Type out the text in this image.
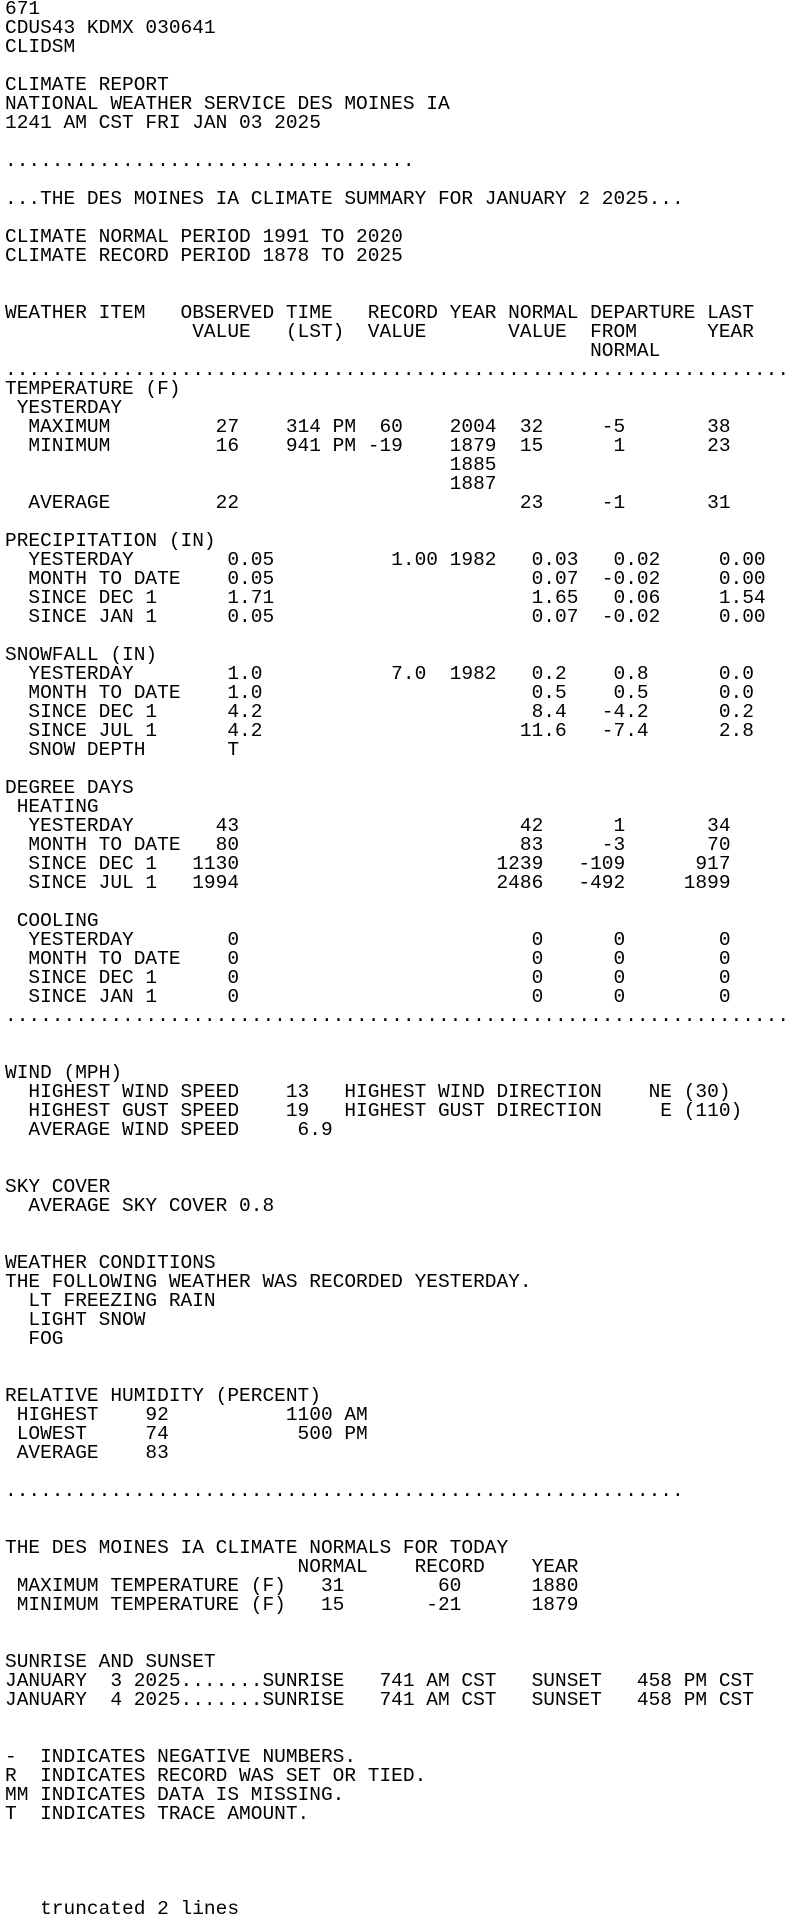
671
CDUS43 KDMX 030641
CLIDSM
CLIMATE REPORT
NATIONAL WEATHER SERVICE DES MOINES IA
1241 AM CST FRI JAN 03 2025
...................................
...THE DES MOINES IA CLIMATE SUMMARY FOR JANUARY 2 2025...
CLIMATE NORMAL PERIOD 1991 TO 2020
CLIMATE RECORD PERIOD 1878 TO 2025
WEATHER ITEM   OBSERVED TIME   RECORD YEAR NORMAL DEPARTURE LAST
VALUE   (LST)  VALUE       VALUE  FROM      YEAR
NORMAL
...................................................................
TEMPERATURE (F)
YESTERDAY
MAXIMUM         27    314 PM  60    2004  32     -5       38
MINIMUM         16    941 PM -19    1879  15      1       23
1885
1887
AVERAGE         22                        23     -1       31
PRECIPITATION (IN)
YESTERDAY        0.05          1.00 1982   0.03   0.02     0.00
MONTH TO DATE    0.05                      0.07  -0.02     0.00
SINCE DEC 1      1.71                      1.65   0.06     1.54
SINCE JAN 1      0.05                      0.07  -0.02     0.00
SNOWFALL (IN)
YESTERDAY        1.0           7.0  1982   0.2    0.8      0.0
MONTH TO DATE    1.0                       0.5    0.5      0.0
SINCE DEC 1      4.2                       8.4   -4.2      0.2
SINCE JUL 1      4.2                      11.6   -7.4      2.8
SNOW DEPTH       T
DEGREE DAYS
HEATING
YESTERDAY       43                        42      1       34
MONTH TO DATE   80                        83     -3       70
SINCE DEC 1   1130                      1239   -109      917
SINCE JUL 1   1994                      2486   -492     1899
COOLING
YESTERDAY        0                         0      0        0
MONTH TO DATE    0                         0      0        0
SINCE DEC 1      0                         0      0        0
SINCE JAN 1      0                         0      0        0
...................................................................
WIND (MPH)
HIGHEST WIND SPEED    13   HIGHEST WIND DIRECTION    NE (30)
HIGHEST GUST SPEED    19   HIGHEST GUST DIRECTION     E (110)
AVERAGE WIND SPEED     6.9
SKY COVER
AVERAGE SKY COVER 0.8
WEATHER CONDITIONS
THE FOLLOWING WEATHER WAS RECORDED YESTERDAY.
LT FREEZING RAIN
LIGHT SNOW
FOG
RELATIVE HUMIDITY (PERCENT)
HIGHEST    92          1100 AM
LOWEST     74           500 PM
AVERAGE    83
..........................................................
THE DES MOINES IA CLIMATE NORMALS FOR TODAY
NORMAL    RECORD    YEAR
MAXIMUM TEMPERATURE (F)   31        60      1880
MINIMUM TEMPERATURE (F)   15       -21      1879
SUNRISE AND SUNSET
JANUARY  3 2025.......SUNRISE   741 AM CST   SUNSET   458 PM CST
JANUARY  4 2025.......SUNRISE   741 AM CST   SUNSET   458 PM CST
-  INDICATES NEGATIVE NUMBERS.
R  INDICATES RECORD WAS SET OR TIED.
MM INDICATES DATA IS MISSING.
T  INDICATES TRACE AMOUNT.
truncated 2 lines
